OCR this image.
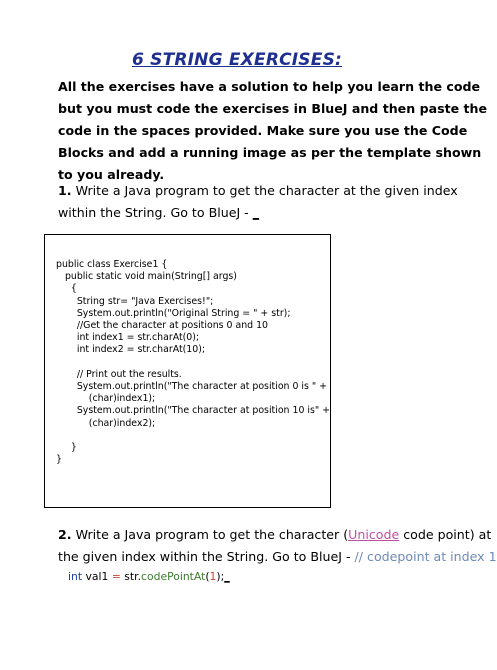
6 STRING EXERCISES:
All the exercises have a solution to help you learn the code
but you must code the exercises in BlueJ and then paste the
code in the spaces provided. Make sure you use the Code
Blocks and add a running image as per the template shown
to you already.
1. Write a Java program to get the character at the given index
within the String. Go to BlueJ - _
public class Exercise1 {
public static void main(String[] args)
{
String str= "Java Exercises!";
System.out.println("Original String = " + str);
//Get the character at positions 0 and 10
int index1 = str.charAt(0);
int index2 = str.charAt(10);

// Print out the results.
System.out.println("The character at position 0 is " +
(char)index1);
System.out.println("The character at position 10 is" +
(char)index2);

}
}
2. Write a Java program to get the character (Unicode code point) at
the given index within the String. Go to BlueJ - // codepoint at index 1
int val1 = str.codePointAt(1);_
